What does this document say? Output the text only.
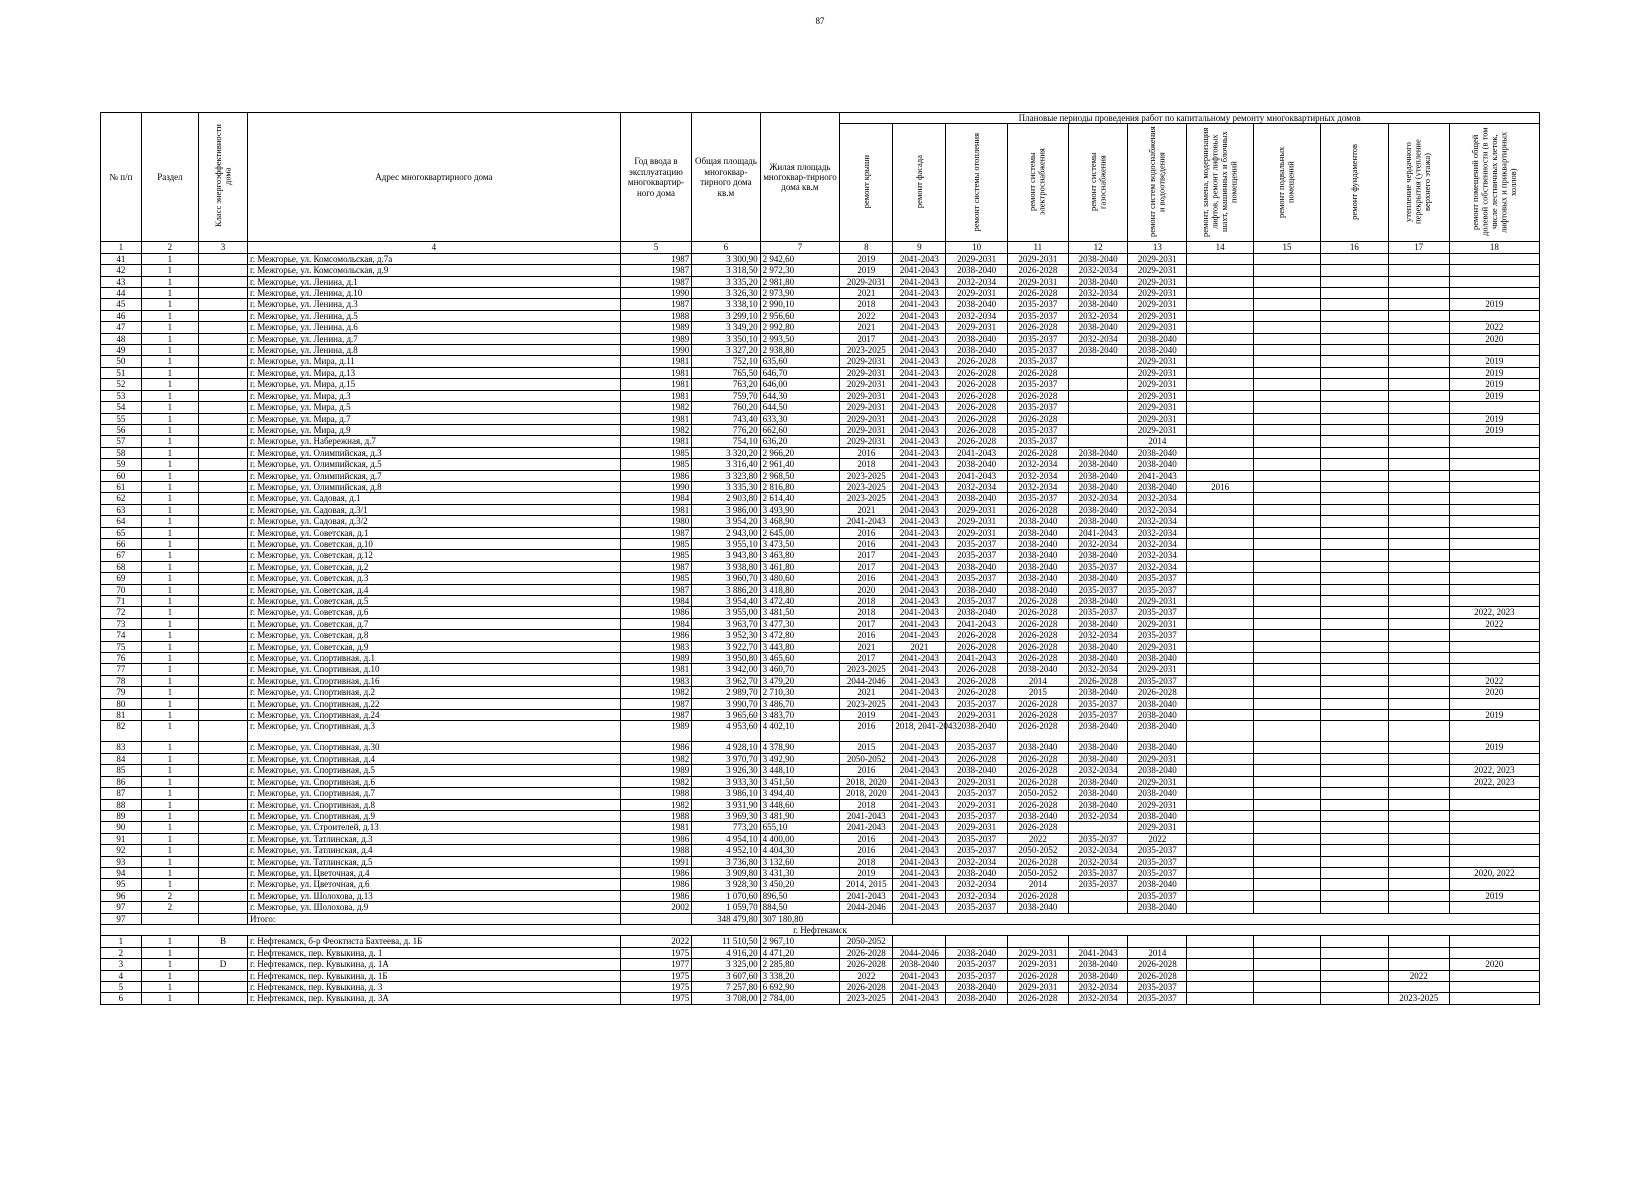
87
№ п/п	Раздел	Класс энергоэффективности дома	Адрес многоквартирного дома	Год ввода в эксплуатацию многоквартир-ного дома	Общая площадь многоквар-тирного дома кв.м	Жилая площадь многоквар-тирного дома кв.м	Плановые периоды проведения работ по капитальному ремонту многоквартирных домов										
							ремонт крыши	ремонт фасада	ремонт системы отопления	ремонт системы электроснабжения	ремонт системы газоснабжения	ремонт систем водоснабжения и водоотведения	ремонт, замена, модернизация лифтов, ремонт лифтовых шахт, машинных и блочных помещений	ремонт подвальных помещений	ремонт фундаментов	утепление чердачного перекрытия (утепление верхнего этажа)	ремонт помещений общей долевой собственности (в том числе лестничных клеток, лифтовых и приквартирных холлов)
1	2	3	4	5	6	7	8	9	10	11	12	13	14	15	16	17	18
41	1		г. Межгорье, ул. Комсомольская, д.7а	1987	3 300,90	2 942,60	2019	2041-2043	2029-2031	2029-2031	2038-2040	2029-2031					
42	1		г. Межгорье, ул. Комсомольская, д.9	1987	3 318,50	2 972,30	2019	2041-2043	2038-2040	2026-2028	2032-2034	2029-2031					
43	1		г. Межгорье, ул. Ленина, д.1	1987	3 335,20	2 981,80	2029-2031	2041-2043	2032-2034	2029-2031	2038-2040	2029-2031					
44	1		г. Межгорье, ул. Ленина, д.10	1990	3 326,30	2 973,90	2021	2041-2043	2029-2031	2026-2028	2032-2034	2029-2031					
45	1		г. Межгорье, ул. Ленина, д.3	1987	3 338,10	2 990,10	2018	2041-2043	2038-2040	2035-2037	2038-2040	2029-2031					2019
46	1		г. Межгорье, ул. Ленина, д.5	1988	3 299,10	2 956,60	2022	2041-2043	2032-2034	2035-2037	2032-2034	2029-2031					
47	1		г. Межгорье, ул. Ленина, д.6	1989	3 349,20	2 992,80	2021	2041-2043	2029-2031	2026-2028	2038-2040	2029-2031					2022
48	1		г. Межгорье, ул. Ленина, д.7	1989	3 350,10	2 993,50	2017	2041-2043	2038-2040	2035-2037	2032-2034	2038-2040					2020
49	1		г. Межгорье, ул. Ленина, д.8	1990	3 327,20	2 938,80	2023-2025	2041-2043	2038-2040	2035-2037	2038-2040	2038-2040					
50	1		г. Межгорье, ул. Мира, д.11	1981	752,10	635,60	2029-2031	2041-2043	2026-2028	2035-2037		2029-2031					2019
51	1		г. Межгорье, ул. Мира, д.13	1981	765,50	646,70	2029-2031	2041-2043	2026-2028	2026-2028		2029-2031					2019
52	1		г. Межгорье, ул. Мира, д.15	1981	763,20	646,00	2029-2031	2041-2043	2026-2028	2035-2037		2029-2031					2019
53	1		г. Межгорье, ул. Мира, д.3	1981	759,70	644,30	2029-2031	2041-2043	2026-2028	2026-2028		2029-2031					2019
54	1		г. Межгорье, ул. Мира, д.5	1982	760,20	644,50	2029-2031	2041-2043	2026-2028	2035-2037		2029-2031					
55	1		г. Межгорье, ул. Мира, д.7	1981	743,40	633,30	2029-2031	2041-2043	2026-2028	2026-2028		2029-2031					2019
56	1		г. Межгорье, ул. Мира, д.9	1982	776,20	662,60	2029-2031	2041-2043	2026-2028	2035-2037		2029-2031					2019
57	1		г. Межгорье, ул. Набережная, д.7	1981	754,10	636,20	2029-2031	2041-2043	2026-2028	2035-2037		2014					
58	1		г. Межгорье, ул. Олимпийская, д.3	1985	3 320,20	2 966,20	2016	2041-2043	2041-2043	2026-2028	2038-2040	2038-2040					
59	1		г. Межгорье, ул. Олимпийская, д.5	1985	3 316,40	2 961,40	2018	2041-2043	2038-2040	2032-2034	2038-2040	2038-2040					
60	1		г. Межгорье, ул. Олимпийская, д.7	1986	3 323,80	2 968,50	2023-2025	2041-2043	2041-2043	2032-2034	2038-2040	2041-2043					
61	1		г. Межгорье, ул. Олимпийская, д.8	1990	3 335,30	2 816,80	2023-2025	2041-2043	2032-2034	2032-2034	2038-2040	2038-2040	2016				
62	1		г. Межгорье, ул. Садовая, д.1	1984	2 903,80	2 614,40	2023-2025	2041-2043	2038-2040	2035-2037	2032-2034	2032-2034					
63	1		г. Межгорье, ул. Садовая, д.3/1	1981	3 986,00	3 493,90	2021	2041-2043	2029-2031	2026-2028	2038-2040	2032-2034					
64	1		г. Межгорье, ул. Садовая, д.3/2	1980	3 954,20	3 468,90	2041-2043	2041-2043	2029-2031	2038-2040	2038-2040	2032-2034					
65	1		г. Межгорье, ул. Советская, д.1	1987	2 943,00	2 645,00	2016	2041-2043	2029-2031	2038-2040	2041-2043	2032-2034					
66	1		г. Межгорье, ул. Советская, д.10	1985	3 955,10	3 473,50	2016	2041-2043	2035-2037	2038-2040	2032-2034	2032-2034					
67	1		г. Межгорье, ул. Советская, д.12	1985	3 943,80	3 463,80	2017	2041-2043	2035-2037	2038-2040	2038-2040	2032-2034					
68	1		г. Межгорье, ул. Советская, д.2	1987	3 938,80	3 461,80	2017	2041-2043	2038-2040	2038-2040	2035-2037	2032-2034					
69	1		г. Межгорье, ул. Советская, д.3	1985	3 960,70	3 480,60	2016	2041-2043	2035-2037	2038-2040	2038-2040	2035-2037					
70	1		г. Межгорье, ул. Советская, д.4	1987	3 886,20	3 418,80	2020	2041-2043	2038-2040	2038-2040	2035-2037	2035-2037					
71	1		г. Межгорье, ул. Советская, д.5	1984	3 954,40	3 472,40	2018	2041-2043	2035-2037	2026-2028	2038-2040	2029-2031					
72	1		г. Межгорье, ул. Советская, д.6	1986	3 955,00	3 481,50	2018	2041-2043	2038-2040	2026-2028	2035-2037	2035-2037					2022, 2023
73	1		г. Межгорье, ул. Советская, д.7	1984	3 963,70	3 477,30	2017	2041-2043	2041-2043	2026-2028	2038-2040	2029-2031					2022
74	1		г. Межгорье, ул. Советская, д.8	1986	3 952,30	3 472,80	2016	2041-2043	2026-2028	2026-2028	2032-2034	2035-2037					
75	1		г. Межгорье, ул. Советская, д.9	1983	3 922,70	3 443,80	2021	2021	2026-2028	2026-2028	2038-2040	2029-2031					
76	1		г. Межгорье, ул. Спортивная, д.1	1989	3 950,80	3 465,60	2017	2041-2043	2041-2043	2026-2028	2038-2040	2038-2040					
77	1		г. Межгорье, ул. Спортивная, д.10	1981	3 942,00	3 460,70	2023-2025	2041-2043	2026-2028	2038-2040	2032-2034	2029-2031					
78	1		г. Межгорье, ул. Спортивная, д.16	1983	3 962,70	3 479,20	2044-2046	2041-2043	2026-2028	2014	2026-2028	2035-2037					2022
79	1		г. Межгорье, ул. Спортивная, д.2	1982	2 989,70	2 710,30	2021	2041-2043	2026-2028	2015	2038-2040	2026-2028					2020
80	1		г. Межгорье, ул. Спортивная, д.22	1987	3 990,70	3 486,70	2023-2025	2041-2043	2035-2037	2026-2028	2035-2037	2038-2040					
81	1		г. Межгорье, ул. Спортивная, д.24	1987	3 965,60	3 483,70	2019	2041-2043	2029-2031	2026-2028	2035-2037	2038-2040					2019
82	1		г. Межгорье, ул. Спортивная, д.3	1989	4 953,60	4 402,10	2016	2018, 2041-2043	2038-2040	2026-2028	2038-2040	2038-2040					
83	1		г. Межгорье, ул. Спортивная, д.30	1986	4 928,10	4 378,90	2015	2041-2043	2035-2037	2038-2040	2038-2040	2038-2040					2019
84	1		г. Межгорье, ул. Спортивная, д.4	1982	3 970,70	3 492,90	2050-2052	2041-2043	2026-2028	2026-2028	2038-2040	2029-2031					
85	1		г. Межгорье, ул. Спортивная, д.5	1989	3 926,30	3 448,10	2016	2041-2043	2038-2040	2026-2028	2032-2034	2038-2040					2022, 2023
86	1		г. Межгорье, ул. Спортивная, д.6	1982	3 933,30	3 451,50	2018, 2020	2041-2043	2029-2031	2026-2028	2038-2040	2029-2031					2022, 2023
87	1		г. Межгорье, ул. Спортивная, д.7	1988	3 986,10	3 494,40	2018, 2020	2041-2043	2035-2037	2050-2052	2038-2040	2038-2040					
88	1		г. Межгорье, ул. Спортивная, д.8	1982	3 931,90	3 448,60	2018	2041-2043	2029-2031	2026-2028	2038-2040	2029-2031					
89	1		г. Межгорье, ул. Спортивная, д.9	1988	3 969,30	3 481,90	2041-2043	2041-2043	2035-2037	2038-2040	2032-2034	2038-2040					
90	1		г. Межгорье, ул. Строителей, д.13	1981	773,20	655,10	2041-2043	2041-2043	2029-2031	2026-2028		2029-2031					
91	1		г. Межгорье, ул. Татлинская, д.3	1986	4 954,10	4 400,00	2016	2041-2043	2035-2037	2022	2035-2037	2022					
92	1		г. Межгорье, ул. Татлинская, д.4	1988	4 952,10	4 404,30	2016	2041-2043	2035-2037	2050-2052	2032-2034	2035-2037					
93	1		г. Межгорье, ул. Татлинская, д.5	1991	3 736,80	3 132,60	2018	2041-2043	2032-2034	2026-2028	2032-2034	2035-2037					
94	1		г. Межгорье, ул. Цветочная, д.4	1986	3 909,80	3 431,30	2019	2041-2043	2038-2040	2050-2052	2035-2037	2035-2037					2020, 2022
95	1		г. Межгорье, ул. Цветочная, д.6	1986	3 928,30	3 450,20	2014, 2015	2041-2043	2032-2034	2014	2035-2037	2038-2040					
96	2		г. Межгорье, ул. Шолохова, д.13	1986	1 070,60	896,50	2041-2043	2041-2043	2032-2034	2026-2028		2035-2037					2019
97	2		г. Межгорье, ул. Шолохова, д.9	2002	1 059,70	884,50	2044-2046	2041-2043	2035-2037	2038-2040		2038-2040					
97			Итого:		348 479,80	307 180,80											
г. Нефтекамск																	
1	1	В	г. Нефтекамск, б-р Феоктиста Бахтеева, д. 1Б	2022	11 510,50	2 967,10	2050-2052										
2	1		г. Нефтекамск, пер. Кувыкина, д. 1	1975	4 916,20	4 471,20	2026-2028	2044-2046	2038-2040	2029-2031	2041-2043	2014					
3	1	D	г. Нефтекамск, пер. Кувыкина, д. 1А	1977	3 325,00	2 285,80	2026-2028	2038-2040	2035-2037	2029-2031	2038-2040	2026-2028					2020
4	1		г. Нефтекамск, пер. Кувыкина, д. 1Б	1975	3 607,60	3 338,20	2022	2041-2043	2035-2037	2026-2028	2038-2040	2026-2028				2022	
5	1		г. Нефтекамск, пер. Кувыкина, д. 3	1975	7 257,80	6 692,90	2026-2028	2041-2043	2038-2040	2029-2031	2032-2034	2035-2037					
6	1		г. Нефтекамск, пер. Кувыкина, д. 3А	1975	3 708,00	2 784,00	2023-2025	2041-2043	2038-2040	2026-2028	2032-2034	2035-2037				2023-2025	
